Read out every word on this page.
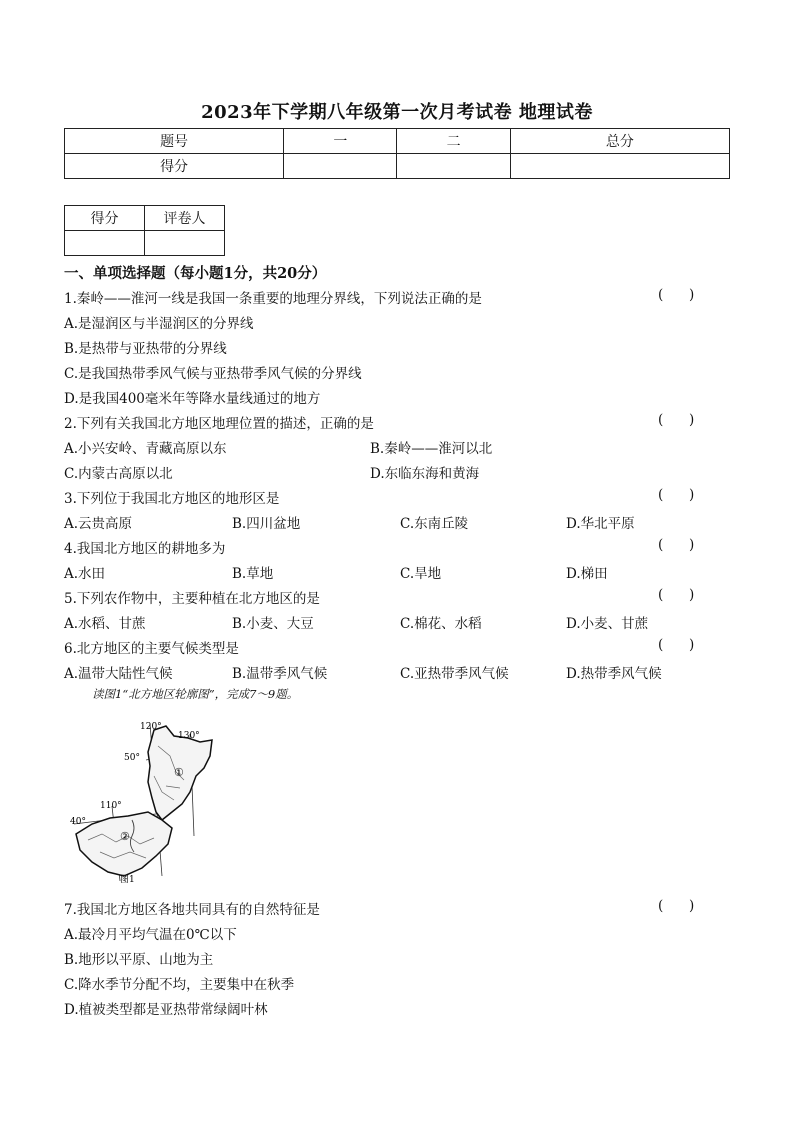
2023年下学期八年级第一次月考试卷 地理试卷
题号	一	二	总分
得分			
得分	评卷人

一、单项选择题（每小题1分，共20分）
1.秦岭——淮河一线是我国一条重要的地理分界线，下列说法正确的是	(      )
A.是湿润区与半湿润区的分界线
B.是热带与亚热带的分界线
C.是我国热带季风气候与亚热带季风气候的分界线
D.是我国400毫米年等降水量线通过的地方
2.下列有关我国北方地区地理位置的描述，正确的是	(      )
A.小兴安岭、青藏高原以东	B.秦岭——淮河以北
C.内蒙古高原以北	D.东临东海和黄海
3.下列位于我国北方地区的地形区是	(      )
A.云贵高原	B.四川盆地	C.东南丘陵	D.华北平原
4.我国北方地区的耕地多为	(      )
A.水田	B.草地	C.旱地	D.梯田
5.下列农作物中，主要种植在北方地区的是	(      )
A.水稻、甘蔗	B.小麦、大豆	C.棉花、水稻	D.小麦、甘蔗
6.北方地区的主要气候类型是	(      )
A.温带大陆性气候	B.温带季风气候	C.亚热带季风气候	D.热带季风气候
读图1“北方地区轮廓图”，完成7～9题。
120°
130°
50°
110°
40°
①
②
图1
7.我国北方地区各地共同具有的自然特征是	(      )
A.最冷月平均气温在0℃以下
B.地形以平原、山地为主
C.降水季节分配不均，主要集中在秋季
D.植被类型都是亚热带常绿阔叶林
